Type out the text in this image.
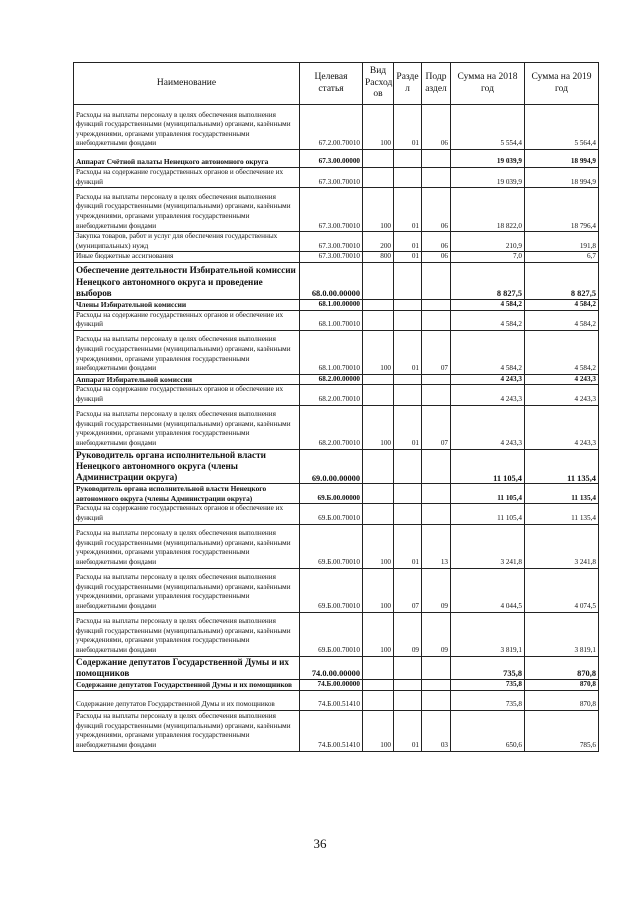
Наименование	Целевая статья	Вид Расход ов	Разде л	Подр аздел	Сумма на 2018 год	Сумма на 2019 год
Расходы на выплаты персоналу в целях обеспечения выполнения функций государственными (муниципальными) органами, казёнными учреждениями, органами управления государственными внебюджетными фондами	67.2.00.70010	100	01	06	5 554,4	5 564,4
Аппарат Счётной палаты Ненецкого автономного округа	67.3.00.00000				19 039,9	18 994,9
Расходы на содержание государственных органов и обеспечение их функций	67.3.00.70010				19 039,9	18 994,9
Расходы на выплаты персоналу в целях обеспечения выполнения функций государственными (муниципальными) органами, казёнными учреждениями, органами управления государственными внебюджетными фондами	67.3.00.70010	100	01	06	18 822,0	18 796,4
Закупка товаров, работ и услуг для обеспечения государственных (муниципальных) нужд	67.3.00.70010	200	01	06	210,9	191,8
Иные бюджетные ассигнования	67.3.00.70010	800	01	06	7,0	6,7
Обеспечение деятельности Избирательной комиссии Ненецкого автономного округа и проведение выборов	68.0.00.00000				8 827,5	8 827,5
Члены Избирательной комиссии	68.1.00.00000				4 584,2	4 584,2
Расходы на содержание государственных органов и обеспечение их функций	68.1.00.70010				4 584,2	4 584,2
Расходы на выплаты персоналу в целях обеспечения выполнения функций государственными (муниципальными) органами, казёнными учреждениями, органами управления государственными внебюджетными фондами	68.1.00.70010	100	01	07	4 584,2	4 584,2
Аппарат Избирательной комиссии	68.2.00.00000				4 243,3	4 243,3
Расходы на содержание государственных органов и обеспечение их функций	68.2.00.70010				4 243,3	4 243,3
Расходы на выплаты персоналу в целях обеспечения выполнения функций государственными (муниципальными) органами, казёнными учреждениями, органами управления государственными внебюджетными фондами	68.2.00.70010	100	01	07	4 243,3	4 243,3
Руководитель органа исполнительной власти Ненецкого автономного округа (члены Администрации округа)	69.0.00.00000				11 105,4	11 135,4
Руководитель органа исполнительной власти Ненецкого автономного округа (члены Администрации округа)	69.Б.00.00000				11 105,4	11 135,4
Расходы на содержание государственных органов и обеспечение их функций	69.Б.00.70010				11 105,4	11 135,4
Расходы на выплаты персоналу в целях обеспечения выполнения функций государственными (муниципальными) органами, казёнными учреждениями, органами управления государственными внебюджетными фондами	69.Б.00.70010	100	01	13	3 241,8	3 241,8
Расходы на выплаты персоналу в целях обеспечения выполнения функций государственными (муниципальными) органами, казёнными учреждениями, органами управления государственными внебюджетными фондами	69.Б.00.70010	100	07	09	4 044,5	4 074,5
Расходы на выплаты персоналу в целях обеспечения выполнения функций государственными (муниципальными) органами, казёнными учреждениями, органами управления государственными внебюджетными фондами	69.Б.00.70010	100	09	09	3 819,1	3 819,1
Содержание депутатов Государственной Думы и их помощников	74.0.00.00000				735,8	870,8
Содержание депутатов Государственной Думы и их помощников	74.Б.00.00000				735,8	870,8
Содержание депутатов Государственной Думы и их помощников	74.Б.00.51410				735,8	870,8
Расходы на выплаты персоналу в целях обеспечения выполнения функций государственными (муниципальными) органами, казёнными учреждениями, органами управления государственными внебюджетными фондами	74.Б.00.51410	100	01	03	650,6	785,6
36
